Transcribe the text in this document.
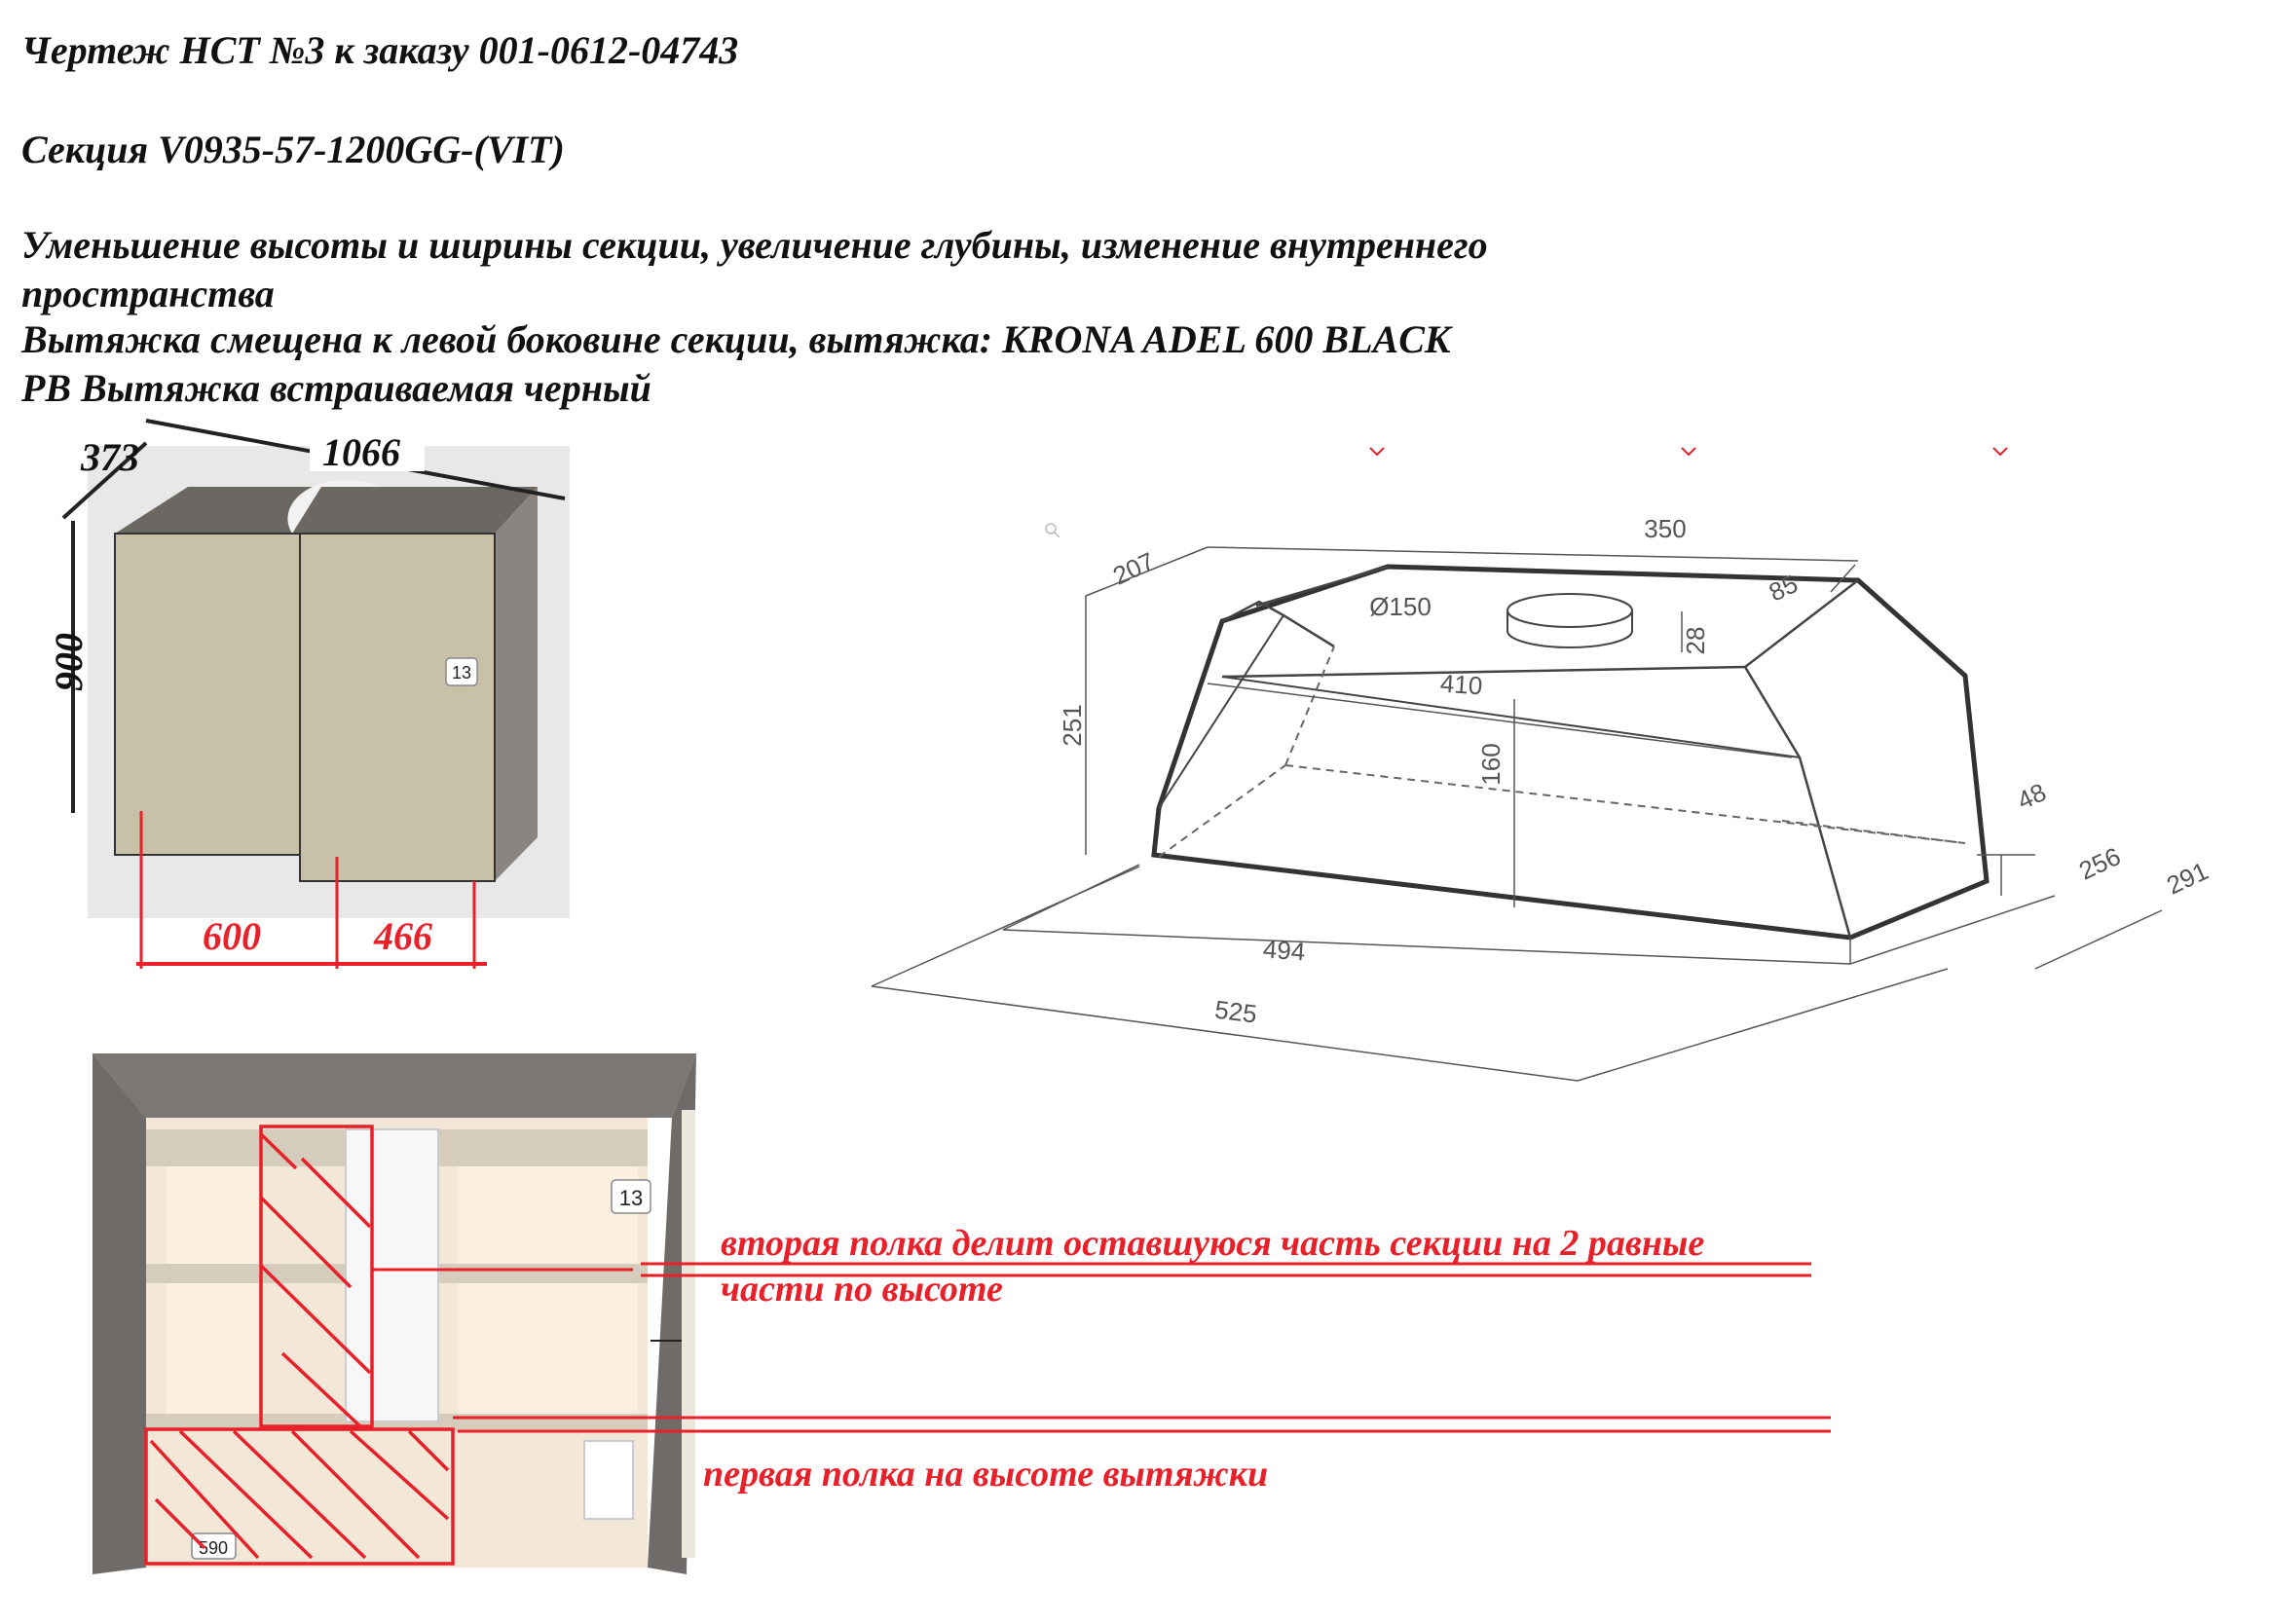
Чертеж НСТ №3 к заказу 001-0612-04743
Секция V0935-57-1200GG-(VIT)
Уменьшение высоты и ширины секции, увеличение глубины, изменение внутреннего
пространства
Вытяжка смещена к левой боковине секции, вытяжка: KRONA ADEL 600 BLACK
РВ Вытяжка встраиваемая черный
13
373	1066
900
600	466
350
207	85
Ø150
28
410
251
160
48
256 291
494
525
13
590
вторая полка делит оставшуюся часть секции на 2 равные
части по высоте
первая полка на высоте вытяжки
